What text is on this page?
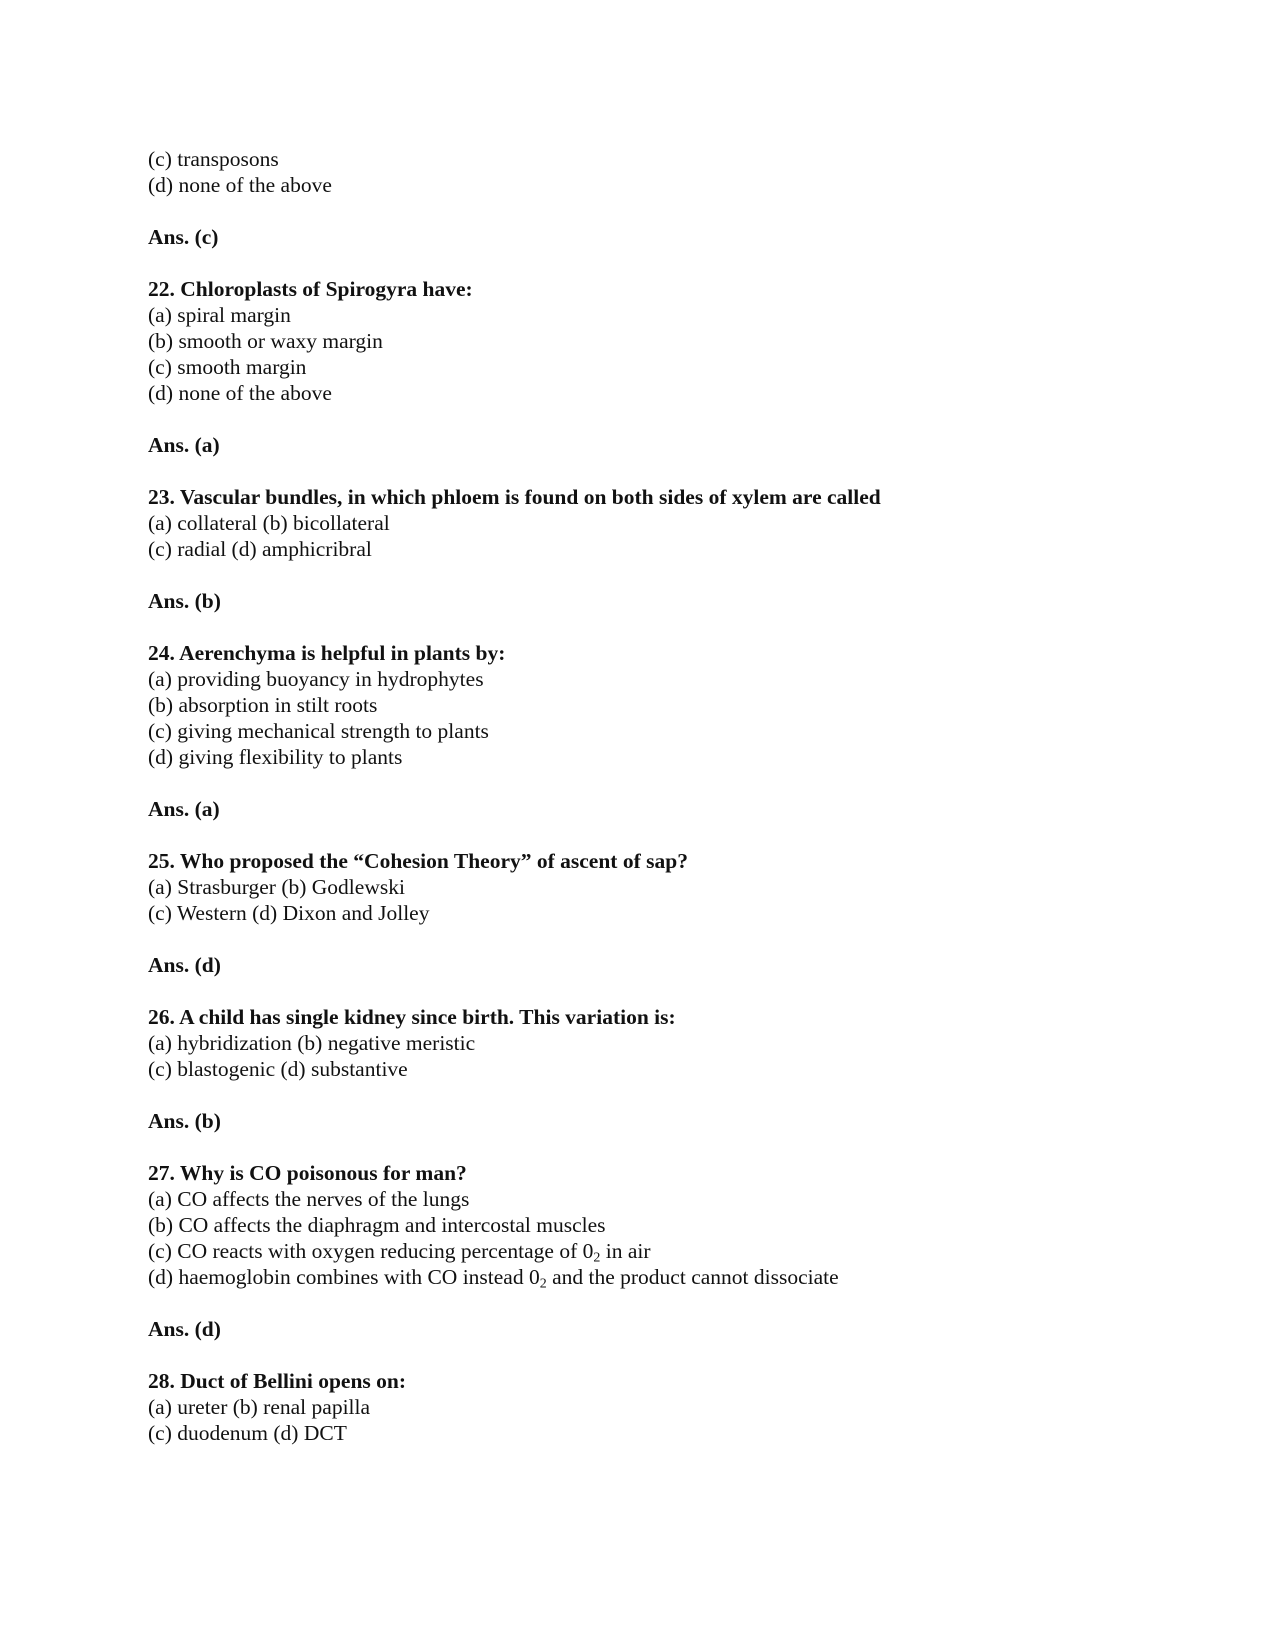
(c) transposons
(d) none of the above
Ans. (c)
22. Chloroplasts of Spirogyra have:
(a) spiral margin
(b) smooth or waxy margin
(c) smooth margin
(d) none of the above
Ans. (a)
23. Vascular bundles, in which phloem is found on both sides of xylem are called
(a) collateral (b) bicollateral
(c) radial (d) amphicribral
Ans. (b)
24. Aerenchyma is helpful in plants by:
(a) providing buoyancy in hydrophytes
(b) absorption in stilt roots
(c) giving mechanical strength to plants
(d) giving flexibility to plants
Ans. (a)
25. Who proposed the “Cohesion Theory” of ascent of sap?
(a) Strasburger (b) Godlewski
(c) Western (d) Dixon and Jolley
Ans. (d)
26. A child has single kidney since birth. This variation is:
(a) hybridization (b) negative meristic
(c) blastogenic (d) substantive
Ans. (b)
27. Why is CO poisonous for man?
(a) CO affects the nerves of the lungs
(b) CO affects the diaphragm and intercostal muscles
(c) CO reacts with oxygen reducing percentage of $0_2$ in air
(d) haemoglobin combines with CO instead $0_2$ and the product cannot dissociate
Ans. (d)
28. Duct of Bellini opens on:
(a) ureter (b) renal papilla
(c) duodenum (d) DCT
